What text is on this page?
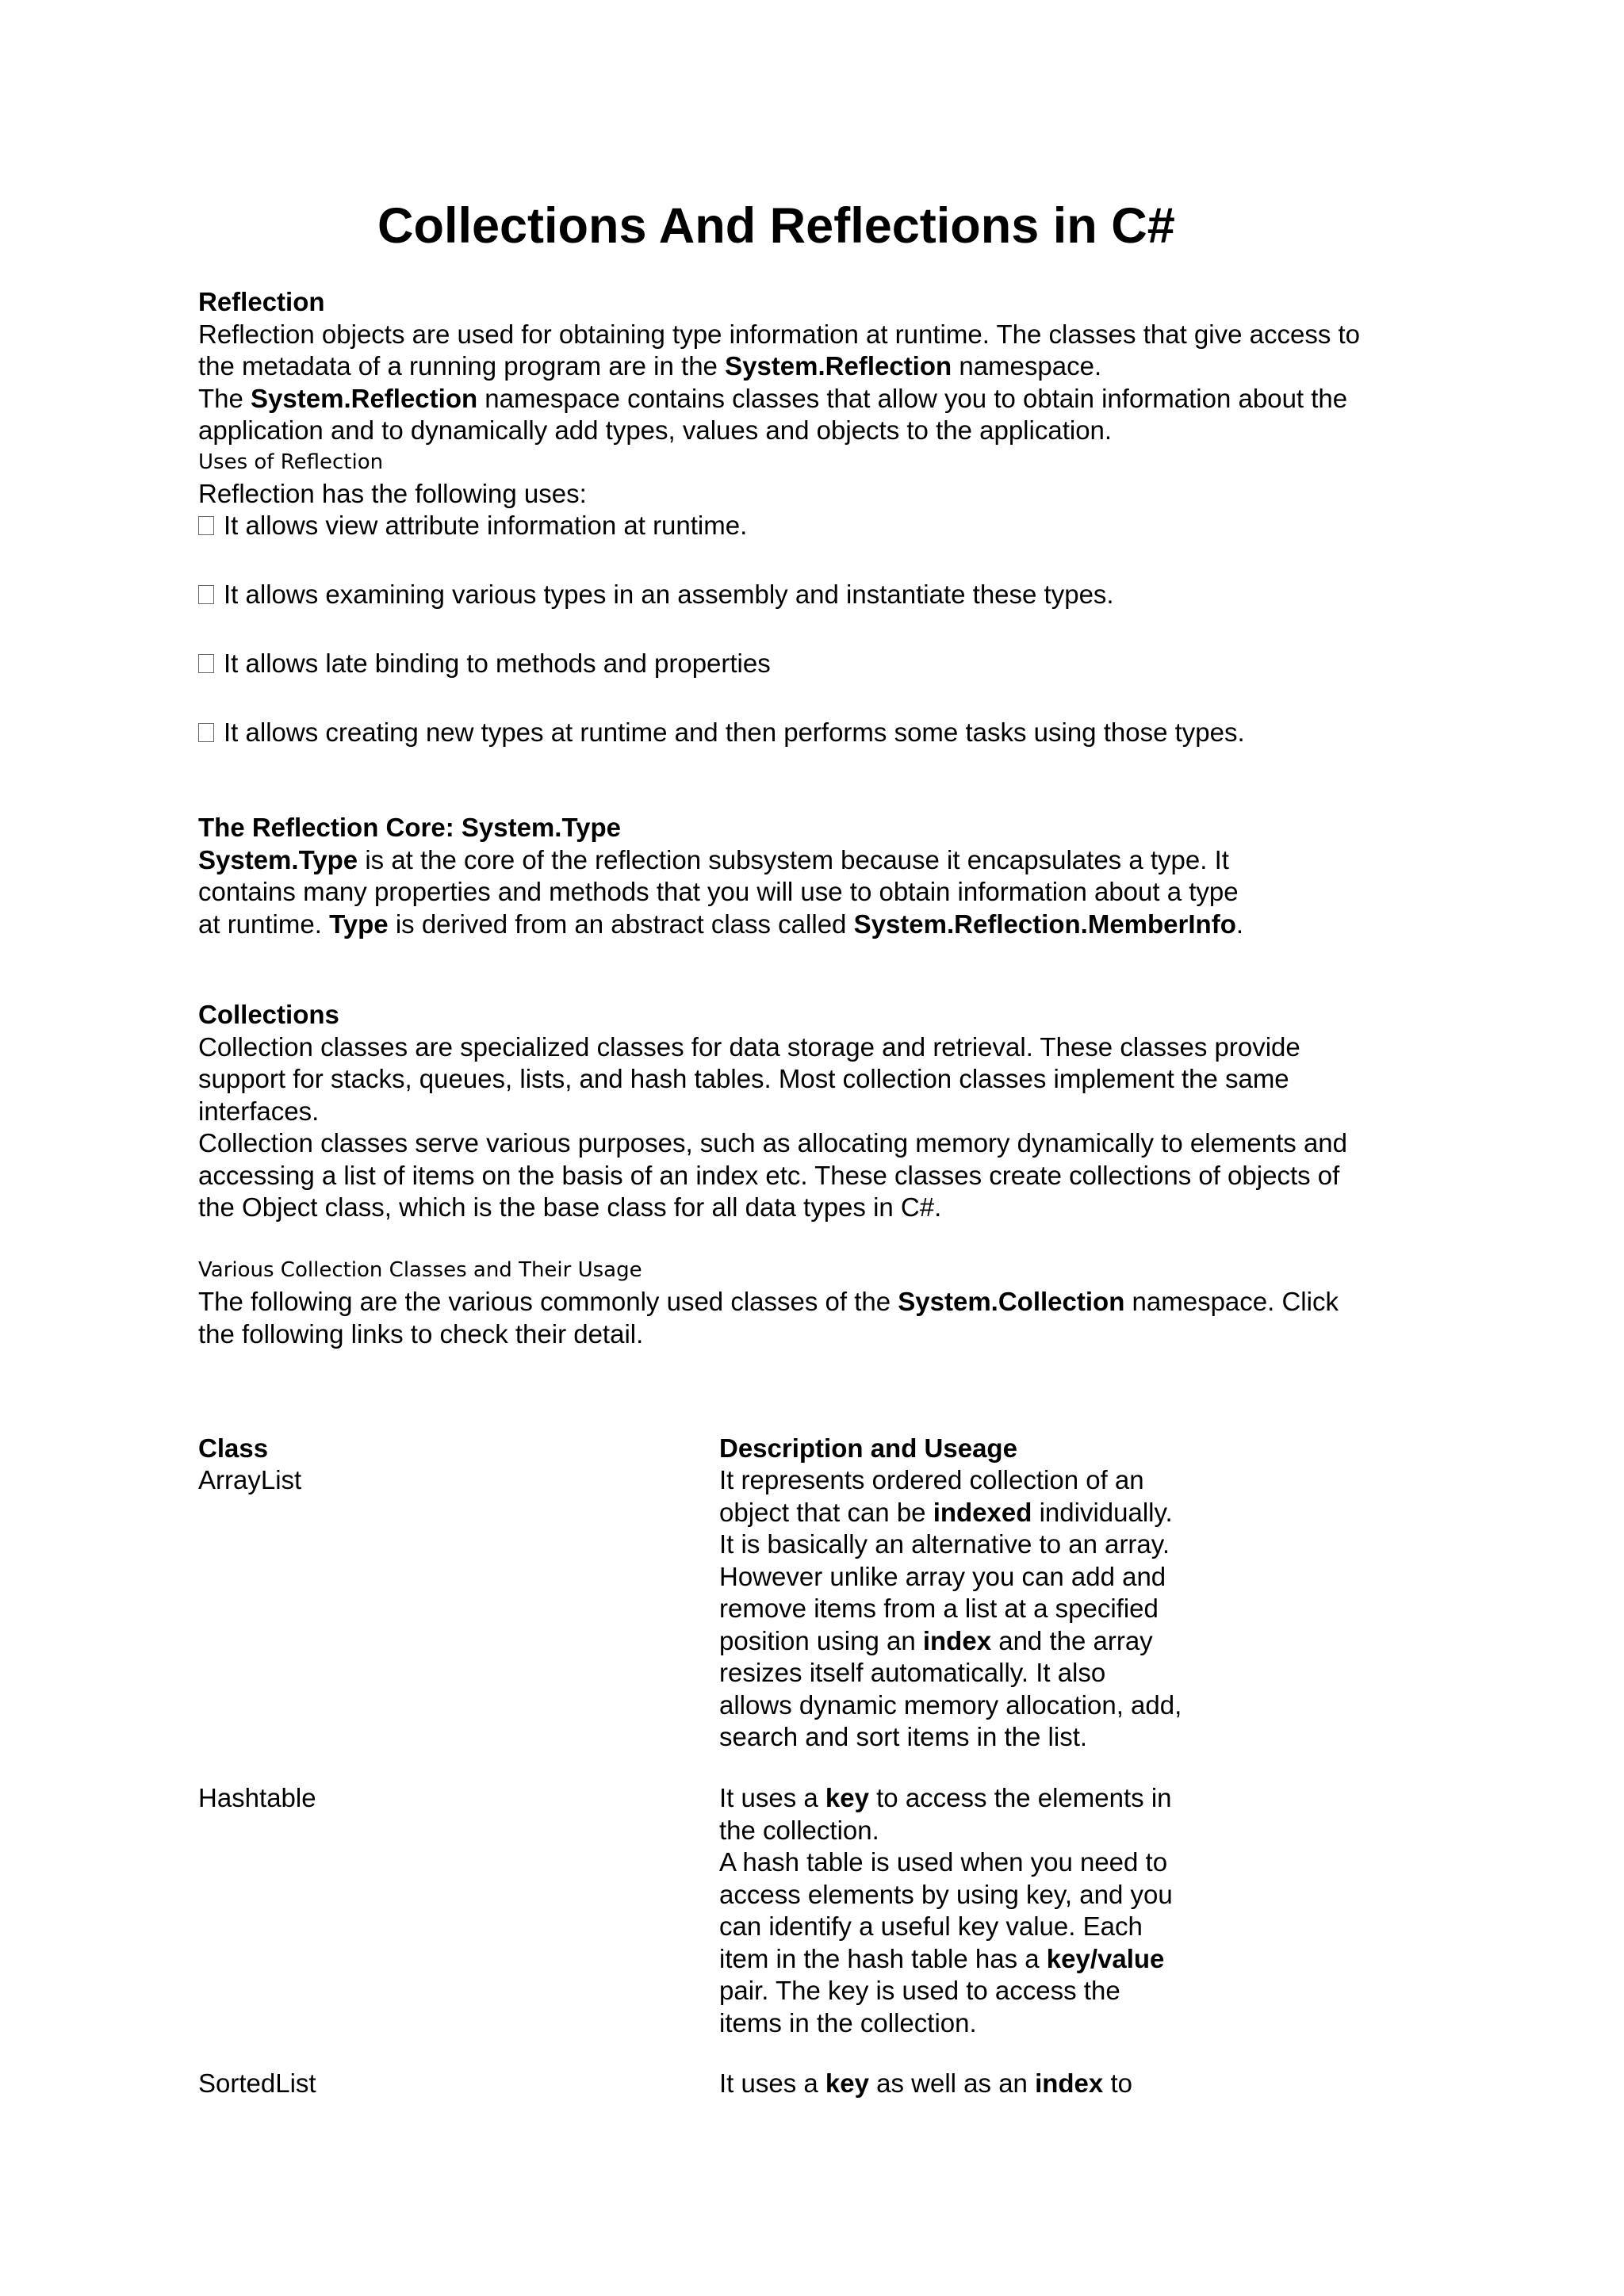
Collections And Reflections in C#

Reflection

Reflection objects are used for obtaining type information at runtime. The classes that give access to

the metadata of a running program are in the System.Reflection namespace.

The System.Reflection namespace contains classes that allow you to obtain information about the

application and to dynamically add types, values and objects to the application.

Uses of Reflection

Reflection has the following uses:

It allows view attribute information at runtime.
It allows examining various types in an assembly and instantiate these types.
It allows late binding to methods and properties
It allows creating new types at runtime and then performs some tasks using those types.

The Reflection Core: System.Type

System.Type is at the core of the reflection subsystem because it encapsulates a type. It

contains many properties and methods that you will use to obtain information about a type

at runtime. Type is derived from an abstract class called System.Reflection.MemberInfo.

Collections

Collection classes are specialized classes for data storage and retrieval. These classes provide

support for stacks, queues, lists, and hash tables. Most collection classes implement the same

interfaces.

Collection classes serve various purposes, such as allocating memory dynamically to elements and

accessing a list of items on the basis of an index etc. These classes create collections of objects of

the Object class, which is the base class for all data types in C#.

Various Collection Classes and Their Usage

The following are the various commonly used classes of the System.Collection namespace. Click

the following links to check their detail.

Class	Description and Useage

ArrayList	It represents ordered collection of an

object that can be indexed individually.

It is basically an alternative to an array.

However unlike array you can add and

remove items from a list at a specified

position using an index and the array

resizes itself automatically. It also

allows dynamic memory allocation, add,

search and sort items in the list.

Hashtable	It uses a key to access the elements in

the collection.

A hash table is used when you need to

access elements by using key, and you

can identify a useful key value. Each

item in the hash table has a key/value

pair. The key is used to access the

items in the collection.

SortedList	It uses a key as well as an index to
